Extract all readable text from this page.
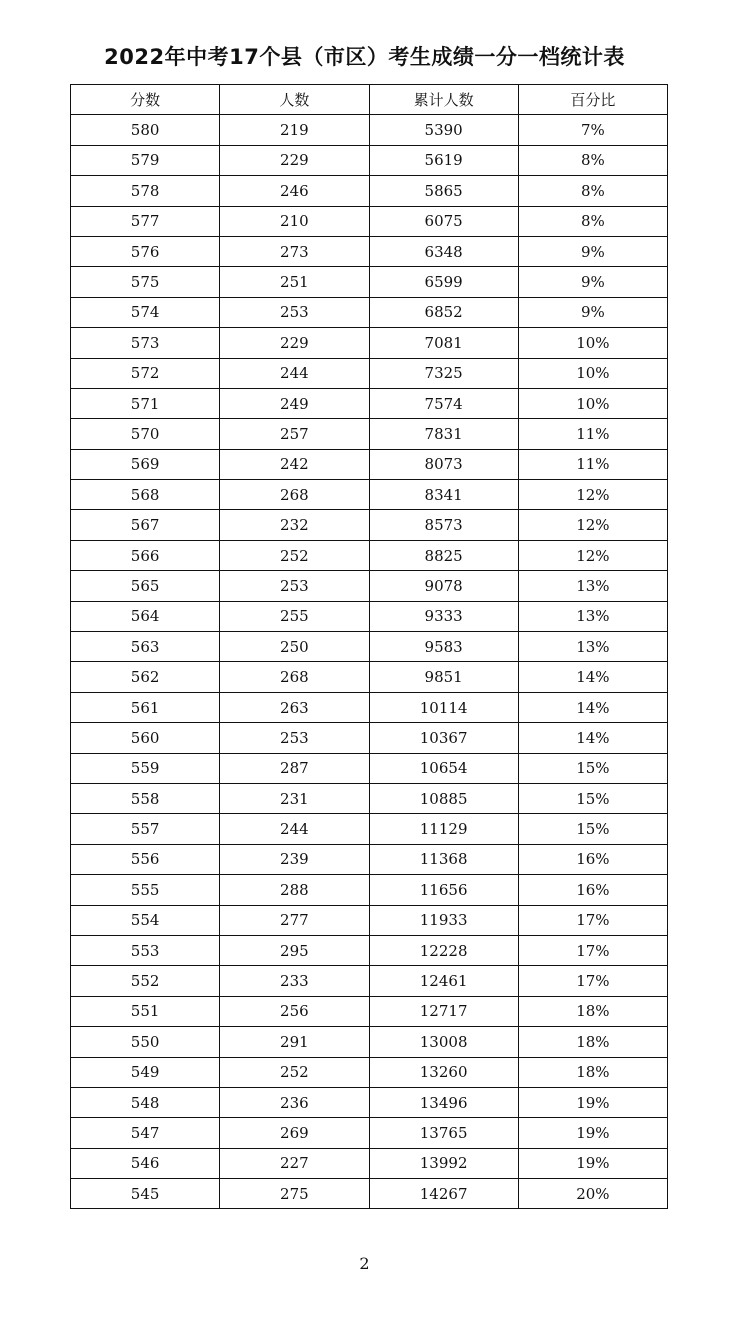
2022年中考17个县（市区）考生成绩一分一档统计表
分数	人数	累计人数	百分比
580	219	5390	7%
579	229	5619	8%
578	246	5865	8%
577	210	6075	8%
576	273	6348	9%
575	251	6599	9%
574	253	6852	9%
573	229	7081	10%
572	244	7325	10%
571	249	7574	10%
570	257	7831	11%
569	242	8073	11%
568	268	8341	12%
567	232	8573	12%
566	252	8825	12%
565	253	9078	13%
564	255	9333	13%
563	250	9583	13%
562	268	9851	14%
561	263	10114	14%
560	253	10367	14%
559	287	10654	15%
558	231	10885	15%
557	244	11129	15%
556	239	11368	16%
555	288	11656	16%
554	277	11933	17%
553	295	12228	17%
552	233	12461	17%
551	256	12717	18%
550	291	13008	18%
549	252	13260	18%
548	236	13496	19%
547	269	13765	19%
546	227	13992	19%
545	275	14267	20%
2
